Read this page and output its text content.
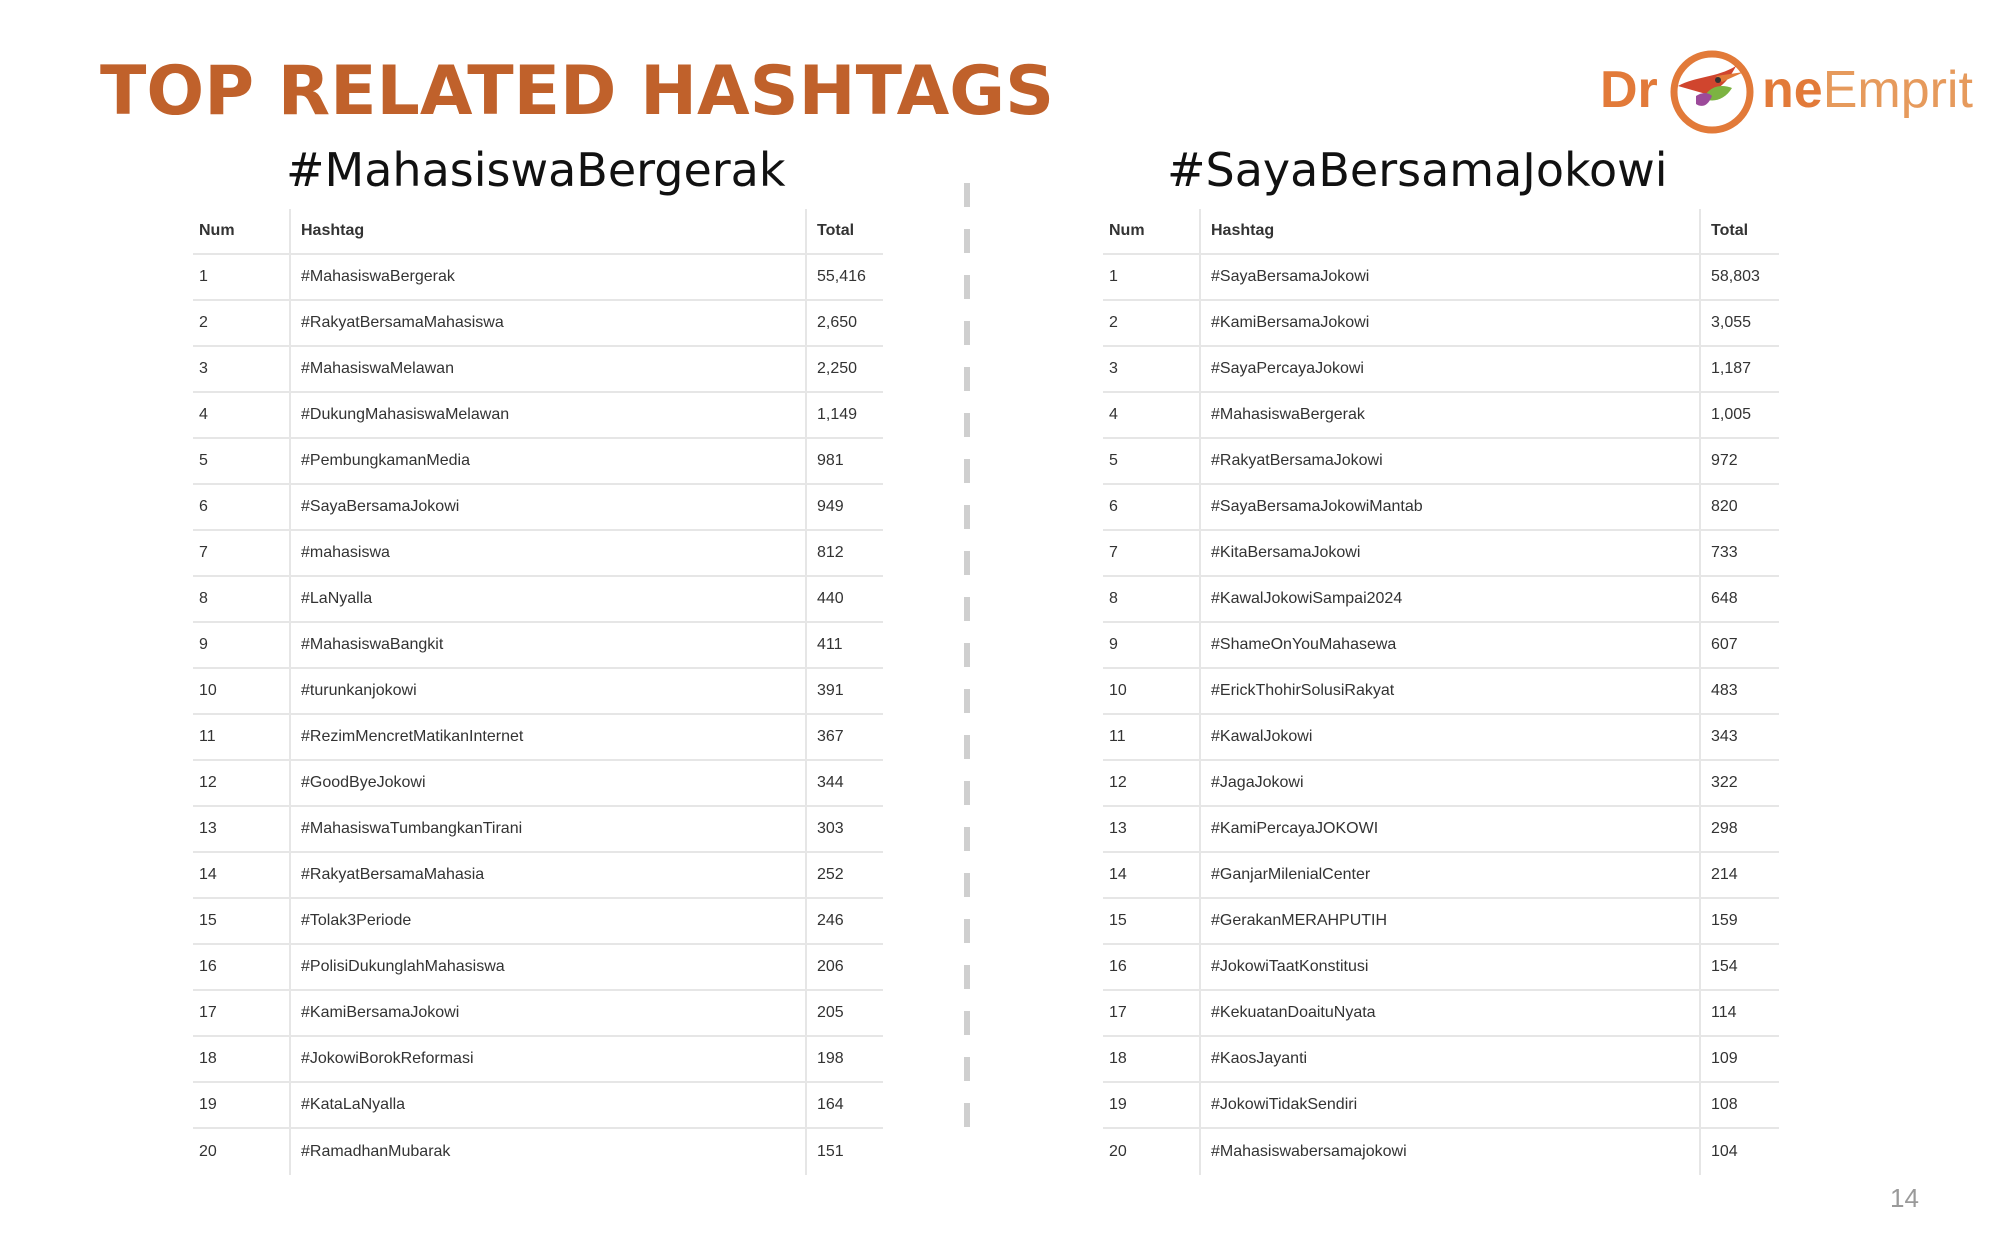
TOP RELATED HASHTAGS	Dr neEmprit
#MahasiswaBergerak	#SayaBersamaJokowi
Num	Hashtag	Total
1	#MahasiswaBergerak	55,416
2	#RakyatBersamaMahasiswa	2,650
3	#MahasiswaMelawan	2,250
4	#DukungMahasiswaMelawan	1,149
5	#PembungkamanMedia	981
6	#SayaBersamaJokowi	949
7	#mahasiswa	812
8	#LaNyalla	440
9	#MahasiswaBangkit	411
10	#turunkanjokowi	391
11	#RezimMencretMatikanInternet	367
12	#GoodByeJokowi	344
13	#MahasiswaTumbangkanTirani	303
14	#RakyatBersamaMahasia	252
15	#Tolak3Periode	246
16	#PolisiDukunglahMahasiswa	206
17	#KamiBersamaJokowi	205
18	#JokowiBorokReformasi	198
19	#KataLaNyalla	164
20	#RamadhanMubarak	151
Num	Hashtag	Total
1	#SayaBersamaJokowi	58,803
2	#KamiBersamaJokowi	3,055
3	#SayaPercayaJokowi	1,187
4	#MahasiswaBergerak	1,005
5	#RakyatBersamaJokowi	972
6	#SayaBersamaJokowiMantab	820
7	#KitaBersamaJokowi	733
8	#KawalJokowiSampai2024	648
9	#ShameOnYouMahasewa	607
10	#ErickThohirSolusiRakyat	483
11	#KawalJokowi	343
12	#JagaJokowi	322
13	#KamiPercayaJOKOWI	298
14	#GanjarMilenialCenter	214
15	#GerakanMERAHPUTIH	159
16	#JokowiTaatKonstitusi	154
17	#KekuatanDoaituNyata	114
18	#KaosJayanti	109
19	#JokowiTidakSendiri	108
20	#Mahasiswabersamajokowi	104
14
